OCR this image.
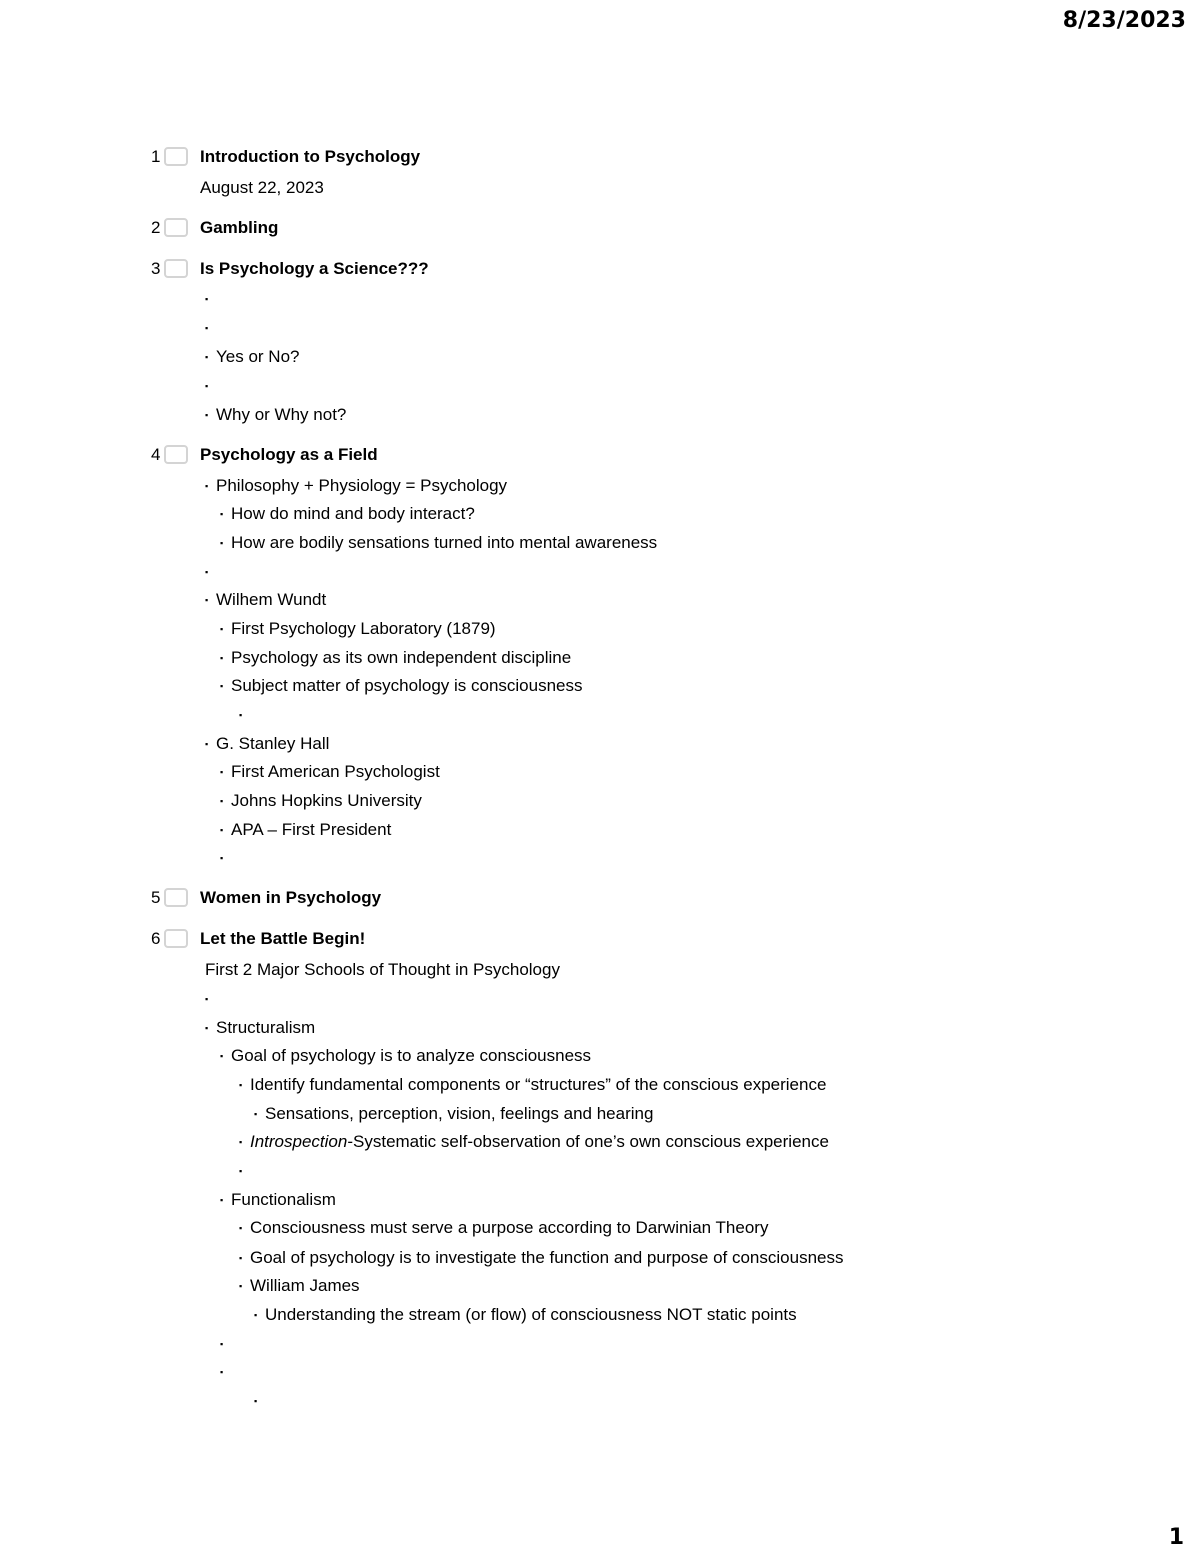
8/23/2023
1 Introduction to Psychology
August 22, 2023
2 Gambling
3 Is Psychology a Science???
▪
▪
▪Yes or No?
▪
▪Why or Why not?
4 Psychology as a Field
▪Philosophy + Physiology = Psychology
▪How do mind and body interact?
▪How are bodily sensations turned into mental awareness
▪
▪Wilhem Wundt
▪First Psychology Laboratory (1879)
▪Psychology as its own independent discipline
▪Subject matter of psychology is consciousness
▪
▪G. Stanley Hall
▪First American Psychologist
▪Johns Hopkins University
▪APA – First President
▪
5 Women in Psychology
6 Let the Battle Begin!
First 2 Major Schools of Thought in Psychology
▪
▪Structuralism
▪Goal of psychology is to analyze consciousness
▪Identify fundamental components or “structures” of the conscious experience
▪Sensations, perception, vision, feelings and hearing
▪Introspection-Systematic self-observation of one’s own conscious experience
▪
▪Functionalism
▪Consciousness must serve a purpose according to Darwinian Theory
▪Goal of psychology is to investigate the function and purpose of consciousness
▪William James
▪Understanding the stream (or flow) of consciousness NOT static points
▪
▪
▪
1
